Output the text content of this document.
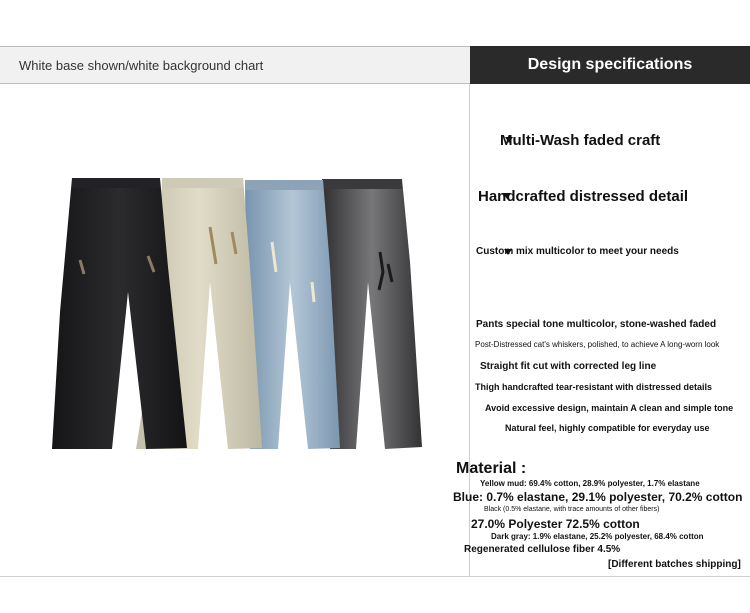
White base shown/white background chart	Design specifications
Multi-Wash faded craft
Handcrafted distressed detail
Custom mix multicolor to meet your needs
Pants special tone multicolor, stone-washed faded
Post-Distressed cat's whiskers, polished, to achieve A long-worn look
Straight fit cut with corrected leg line
Thigh handcrafted tear-resistant with distressed details
Avoid excessive design, maintain A clean and simple tone
Natural feel, highly compatible for everyday use
Material :
Yellow mud: 69.4% cotton, 28.9% polyester, 1.7% elastane
Blue: 0.7% elastane, 29.1% polyester, 70.2% cotton
Black (0.5% elastane, with trace amounts of other fibers)
27.0% Polyester 72.5% cotton
Dark gray: 1.9% elastane, 25.2% polyester, 68.4% cotton
Regenerated cellulose fiber 4.5%
[Different batches shipping]
